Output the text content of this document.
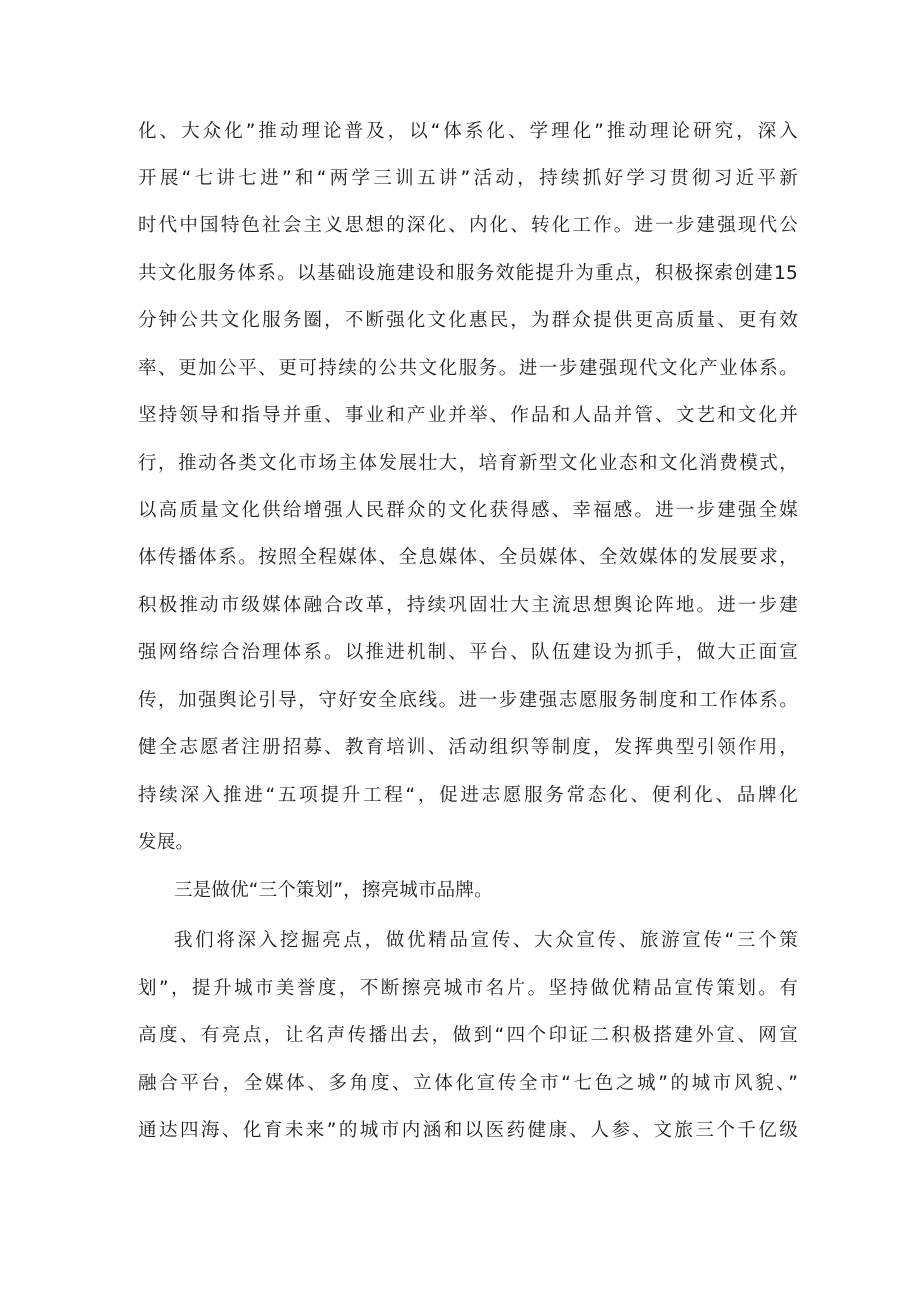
化、大众化”推动理论普及，以“体系化、学理化”推动理论研究，深入

开展“七讲七进”和“两学三训五讲”活动，持续抓好学习贯彻习近平新

时代中国特色社会主义思想的深化、内化、转化工作。进一步建强现代公

共文化服务体系。以基础设施建设和服务效能提升为重点，积极探索创建15

分钟公共文化服务圈，不断强化文化惠民，为群众提供更高质量、更有效

率、更加公平、更可持续的公共文化服务。进一步建强现代文化产业体系。

坚持领导和指导并重、事业和产业并举、作品和人品并管、文艺和文化并

行，推动各类文化市场主体发展壮大，培育新型文化业态和文化消费模式，

以高质量文化供给增强人民群众的文化获得感、幸福感。进一步建强全媒

体传播体系。按照全程媒体、全息媒体、全员媒体、全效媒体的发展要求，

积极推动市级媒体融合改革，持续巩固壮大主流思想舆论阵地。进一步建

强网络综合治理体系。以推进机制、平台、队伍建设为抓手，做大正面宣

传，加强舆论引导，守好安全底线。进一步建强志愿服务制度和工作体系。

健全志愿者注册招募、教育培训、活动组织等制度，发挥典型引领作用，

持续深入推进“五项提升工程“，促进志愿服务常态化、便利化、品牌化

发展。

三是做优“三个策划”，擦亮城市品牌。

我们将深入挖掘亮点，做优精品宣传、大众宣传、旅游宣传“三个策

划”，提升城市美誉度，不断擦亮城市名片。坚持做优精品宣传策划。有

高度、有亮点，让名声传播出去，做到“四个印证二积极搭建外宣、网宣

融合平台，全媒体、多角度、立体化宣传全市“七色之城”的城市风貌、”

通达四海、化育未来”的城市内涵和以医药健康、人参、文旅三个千亿级
